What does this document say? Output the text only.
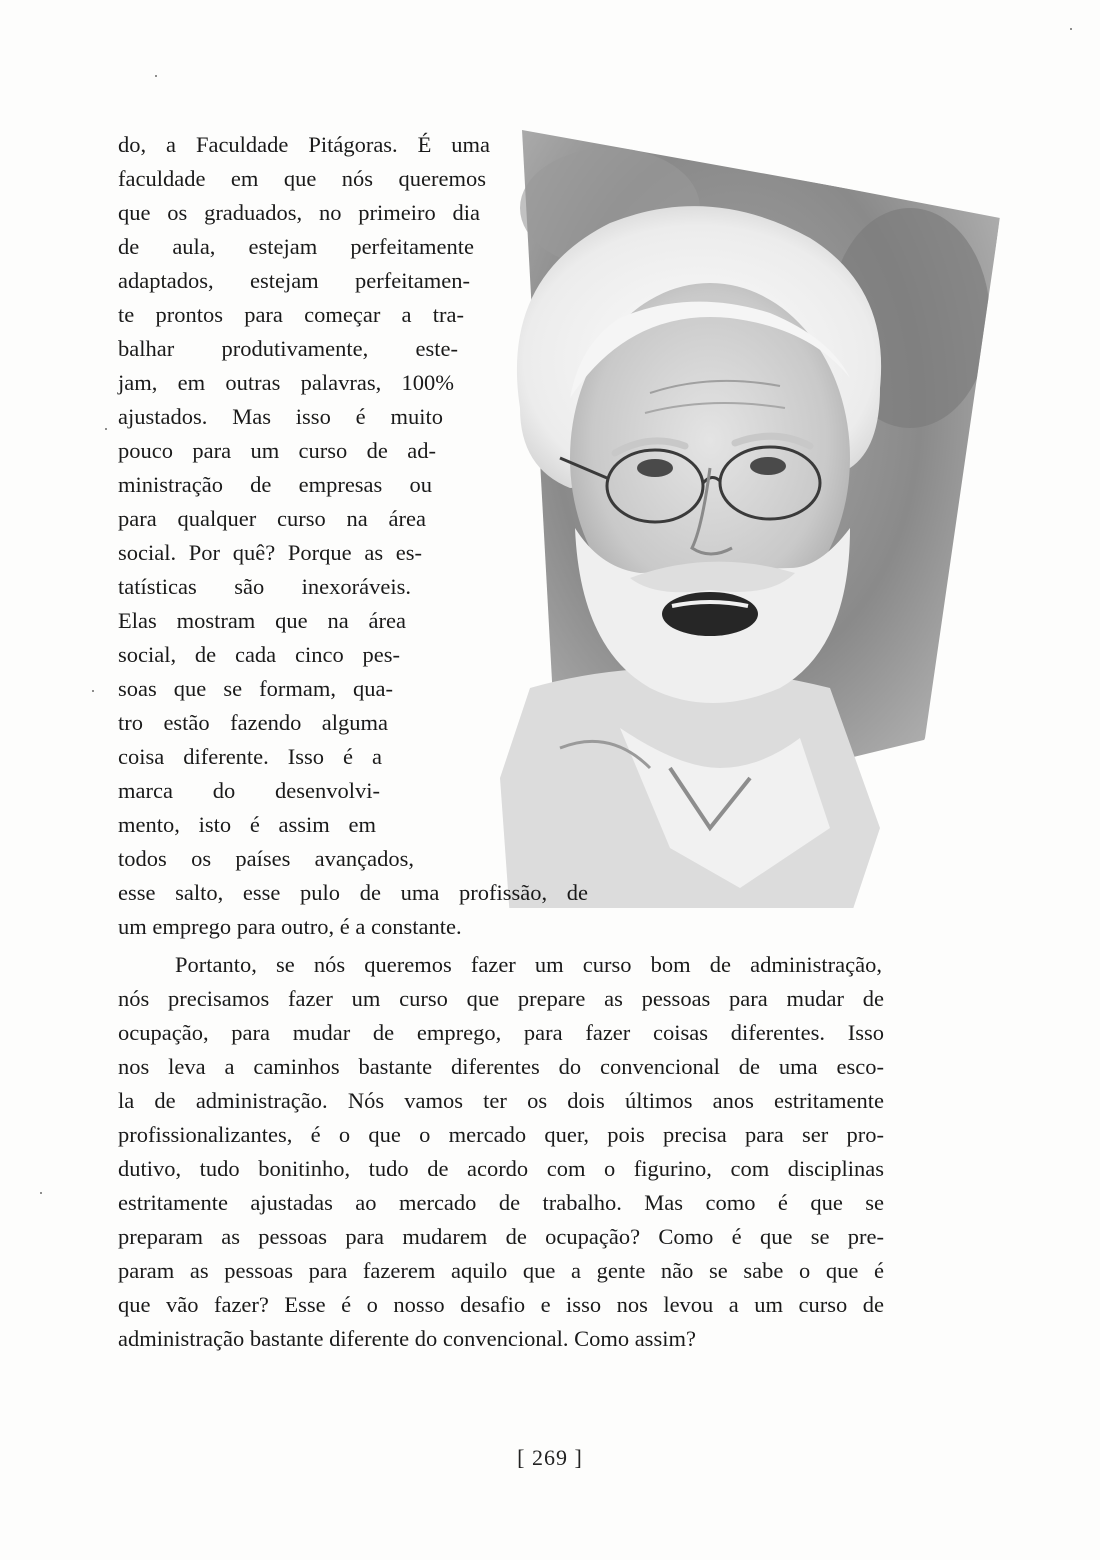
do, a Faculdade Pitágoras. É uma
faculdade em que nós queremos
que os graduados, no primeiro dia
de aula, estejam perfeitamente
adaptados, estejam perfeitamen-
te prontos para começar a tra-
balhar produtivamente, este-
jam, em outras palavras, 100%
ajustados. Mas isso é muito
pouco para um curso de ad-
ministração de empresas ou
para qualquer curso na área
social. Por quê? Porque as es-
tatísticas são inexoráveis.
Elas mostram que na área
social, de cada cinco pes-
soas que se formam, qua-
tro estão fazendo alguma
coisa diferente. Isso é a
marca do desenvolvi-
mento, isto é assim em
todos os países avançados,
esse salto, esse pulo de uma profissão, de
um emprego para outro, é a constante.
Portanto, se nós queremos fazer um curso bom de administração,
nós precisamos fazer um curso que prepare as pessoas para mudar de
ocupação, para mudar de emprego, para fazer coisas diferentes. Isso
nos leva a caminhos bastante diferentes do convencional de uma esco-
la de administração. Nós vamos ter os dois últimos anos estritamente
profissionalizantes, é o que o mercado quer, pois precisa para ser pro-
dutivo, tudo bonitinho, tudo de acordo com o figurino, com disciplinas
estritamente ajustadas ao mercado de trabalho. Mas como é que se
preparam as pessoas para mudarem de ocupação? Como é que se pre-
param as pessoas para fazerem aquilo que a gente não se sabe o que é
que vão fazer? Esse é o nosso desafio e isso nos levou a um curso de
administração bastante diferente do convencional. Como assim?
[ 269 ]
